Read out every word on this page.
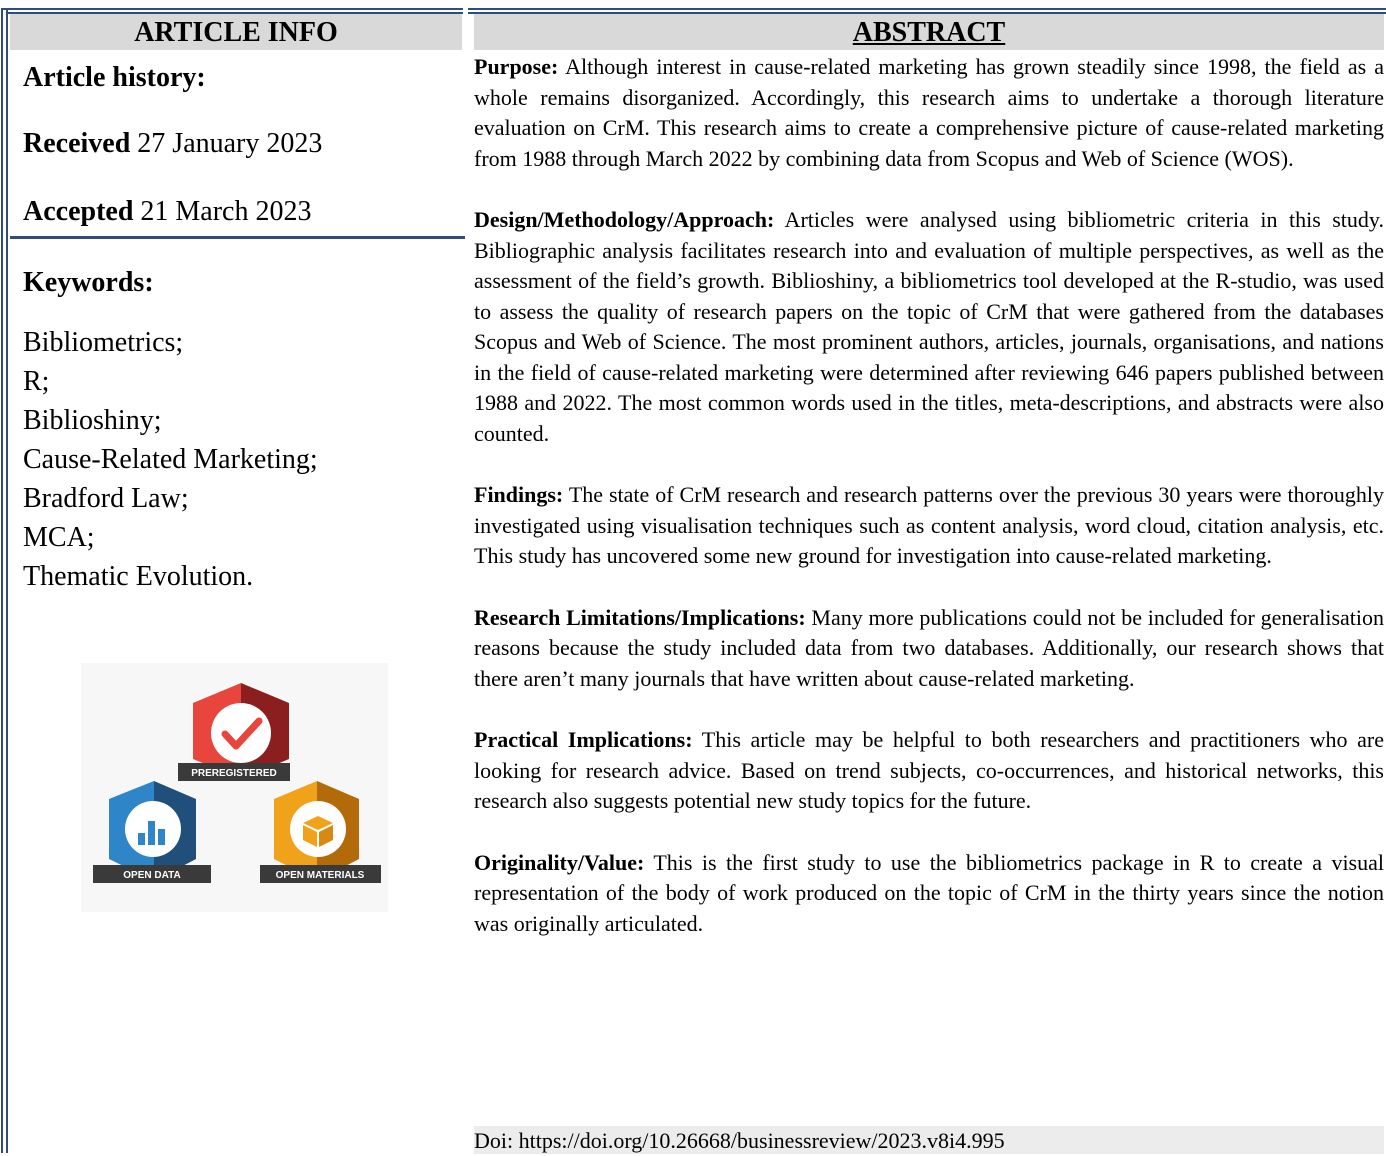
ARTICLE INFO
Article history:
Received 27 January 2023
Accepted 21 March 2023
Keywords:
Bibliometrics;
R;
Biblioshiny;
Cause-Related Marketing;
Bradford Law;
MCA;
Thematic Evolution.
PREREGISTERED
OPEN DATA	OPEN MATERIALS
ABSTRACT

Purpose: Although interest in cause-related marketing has grown steadily since 1998, the field as a whole remains disorganized. Accordingly, this research aims to undertake a thorough literature evaluation on CrM. This research aims to create a comprehensive picture of cause-related marketing from 1988 through March 2022 by combining data from Scopus and Web of Science (WOS).

Design/Methodology/Approach: Articles were analysed using bibliometric criteria in this study. Bibliographic analysis facilitates research into and evaluation of multiple perspectives, as well as the assessment of the field’s growth. Biblioshiny, a bibliometrics tool developed at the R-studio, was used to assess the quality of research papers on the topic of CrM that were gathered from the databases Scopus and Web of Science. The most prominent authors, articles, journals, organisations, and nations in the field of cause-related marketing were determined after reviewing 646 papers published between 1988 and 2022. The most common words used in the titles, meta-descriptions, and abstracts were also counted.

Findings: The state of CrM research and research patterns over the previous 30 years were thoroughly investigated using visualisation techniques such as content analysis, word cloud, citation analysis, etc. This study has uncovered some new ground for investigation into cause-related marketing.

Research Limitations/Implications: Many more publications could not be included for generalisation reasons because the study included data from two databases. Additionally, our research shows that there aren’t many journals that have written about cause-related marketing.

Practical Implications: This article may be helpful to both researchers and practitioners who are looking for research advice. Based on trend subjects, co-occurrences, and historical networks, this research also suggests potential new study topics for the future.

Originality/Value: This is the first study to use the bibliometrics package in R to create a visual representation of the body of work produced on the topic of CrM in the thirty years since the notion was originally articulated.

Doi: https://doi.org/10.26668/businessreview/2023.v8i4.995
